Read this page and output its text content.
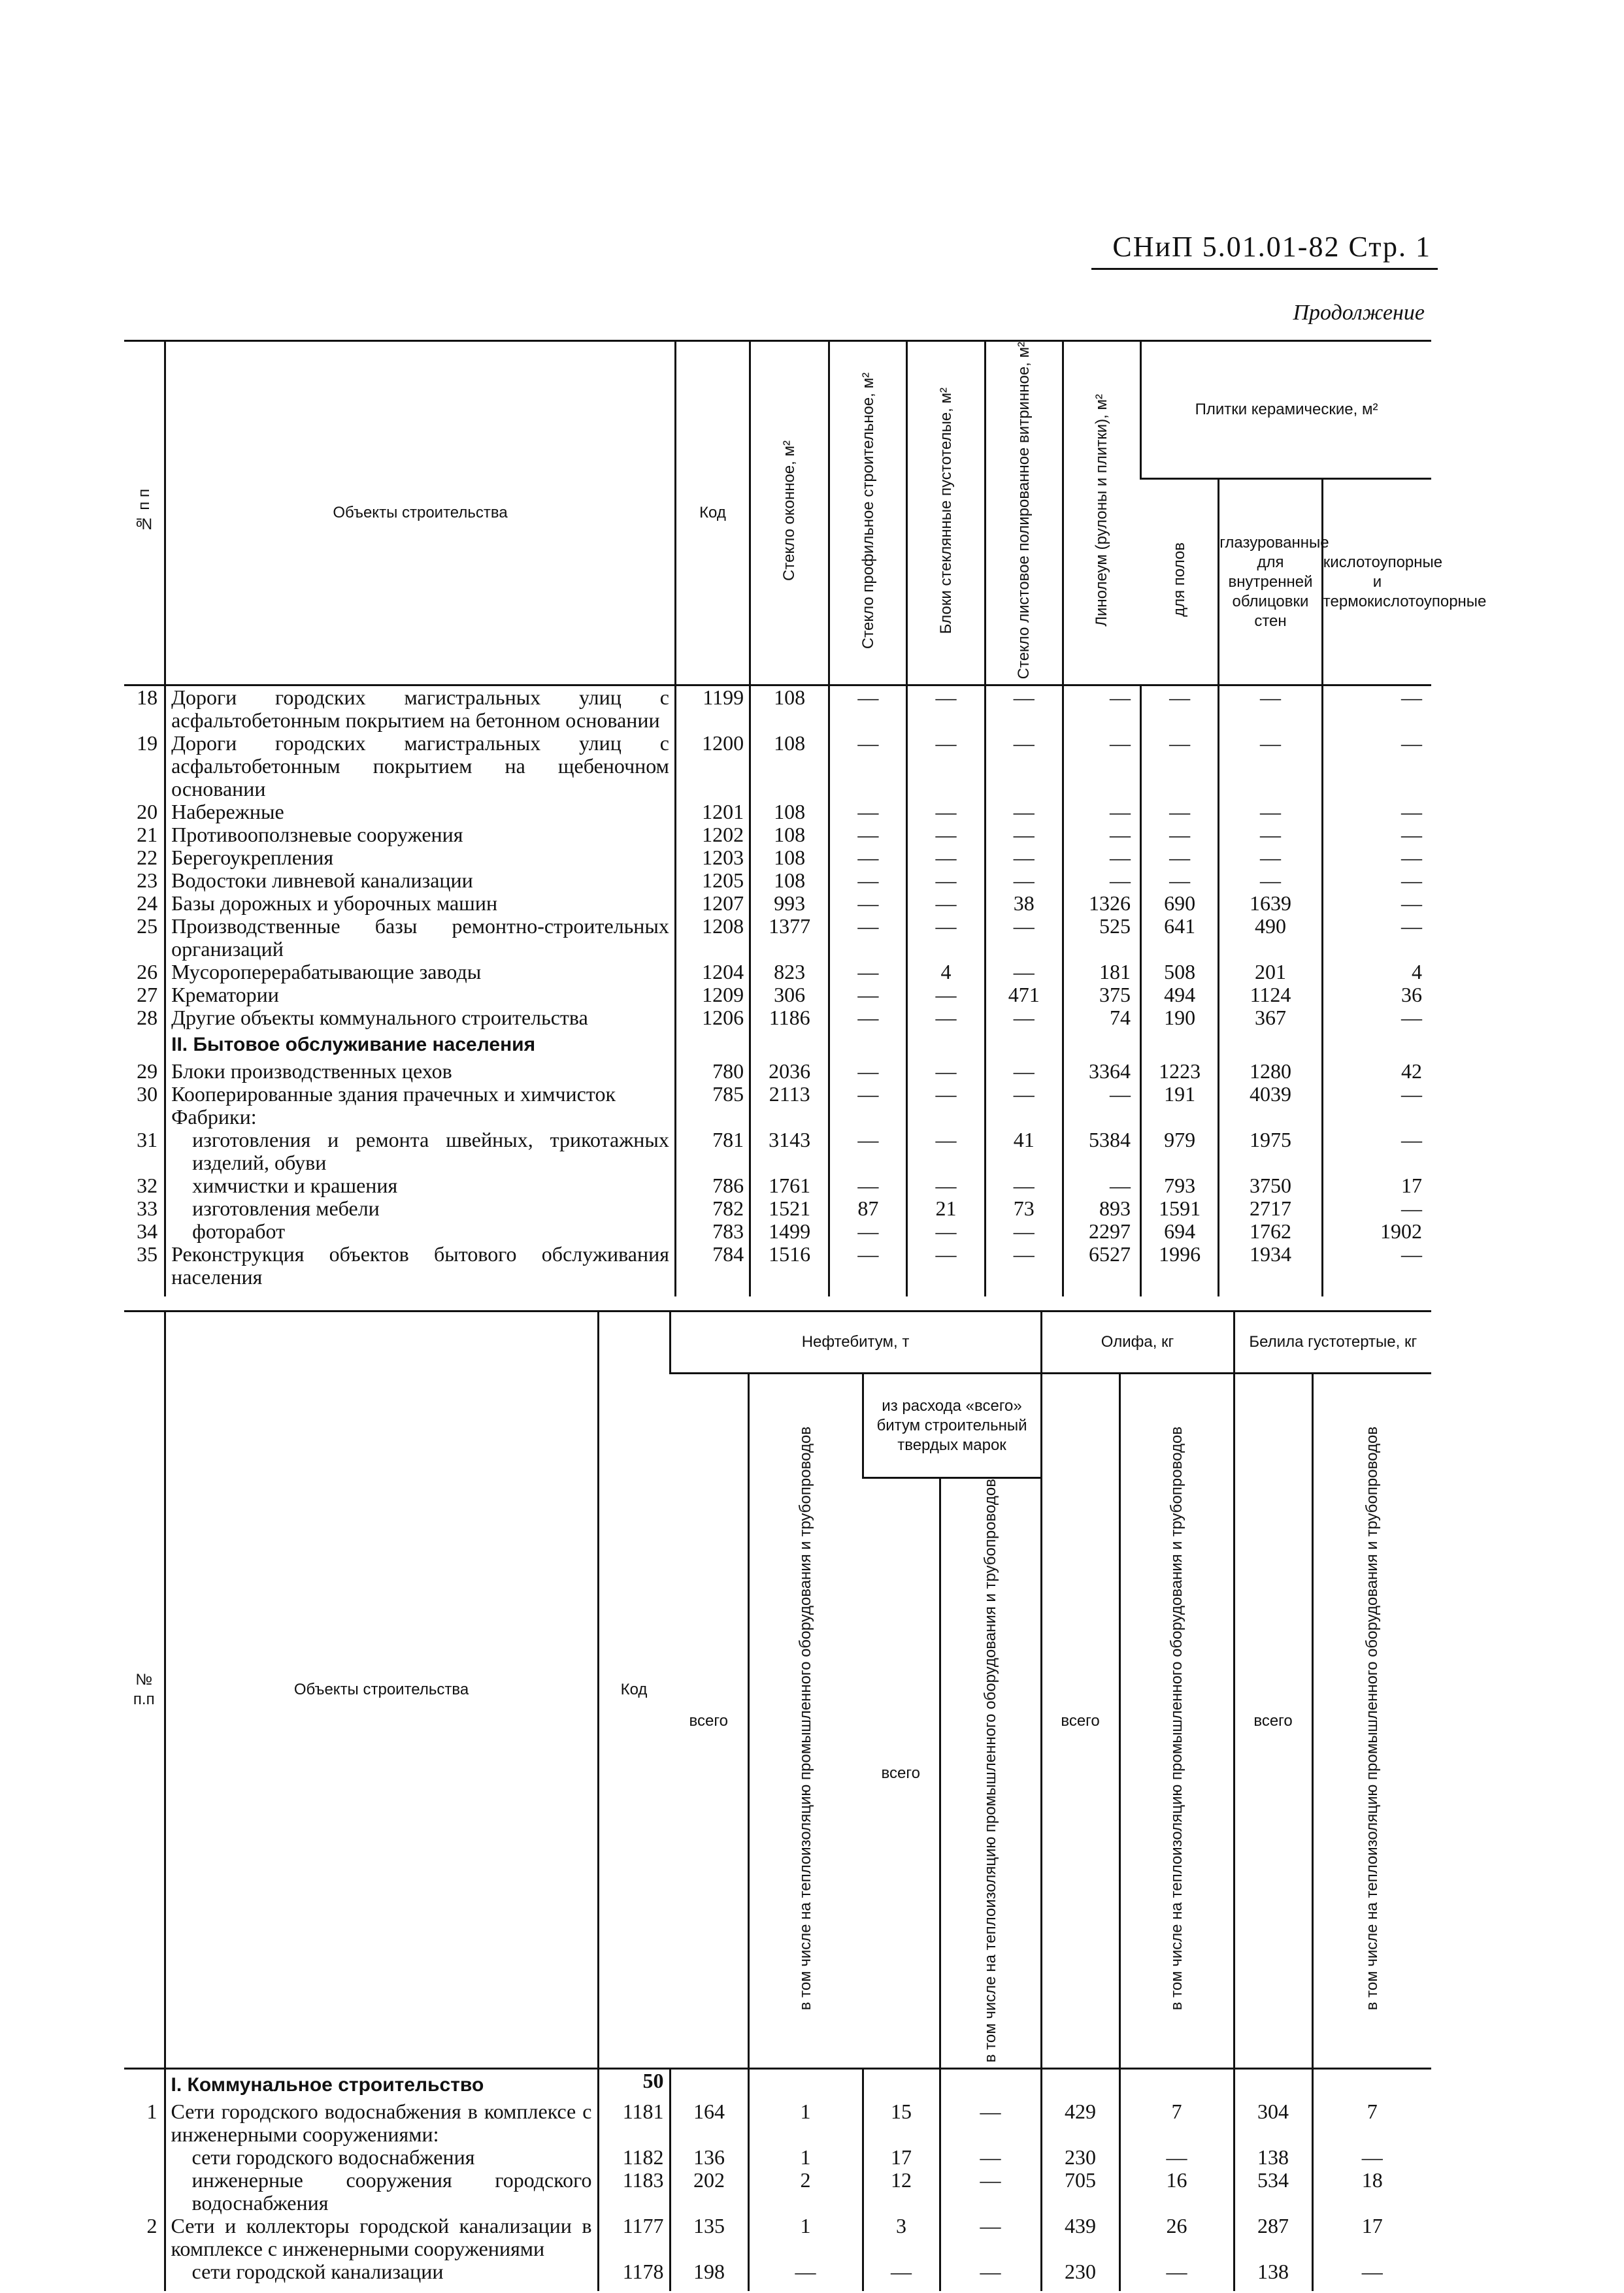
СНиП 5.01.01-82 Стр. 1
Продолжение
№ п п	Объекты строительства	Код	Стекло оконное, м²	Стекло профильное строительное, м²	Блоки стеклянные пустотелые, м²	Стекло листовое полированное витринное, м²	Линолеум (рулоны и плитки), м²	Плитки керамические, м²		
								для полов	глазурованные для внутренней облицовки стен	кислотоупорные и термокислотоупорные
18	Дороги городских магистральных улиц с асфальтобетонным покрытием на бетонном основании	1199	108	—	—	—	—	—	—	—
19	Дороги городских магистральных улиц с асфальтобетонным покрытием на щебеночном основании	1200	108	—	—	—	—	—	—	—
20	Набережные	1201	108	—	—	—	—	—	—	—
21	Противооползневые сооружения	1202	108	—	—	—	—	—	—	—
22	Берегоукрепления	1203	108	—	—	—	—	—	—	—
23	Водостоки ливневой канализации	1205	108	—	—	—	—	—	—	—
24	Базы дорожных и уборочных машин	1207	993	—	—	38	1326	690	1639	—
25	Производственные базы ремонтно-строительных организаций	1208	1377	—	—	—	525	641	490	—
26	Мусороперерабатывающие заводы	1204	823	—	4	—	181	508	201	4
27	Крематории	1209	306	—	—	471	375	494	1124	36
28	Другие объекты коммунального строительства	1206	1186	—	—	—	74	190	367	—
	II. Бытовое обслуживание населения									
29	Блоки производственных цехов	780	2036	—	—	—	3364	1223	1280	42
30	Кооперированные здания прачечных и химчисток	785	2113	—	—	—	—	191	4039	—
	Фабрики:									
31	изготовления и ремонта швейных, трикотажных изделий, обуви	781	3143	—	—	41	5384	979	1975	—
32	химчистки и крашения	786	1761	—	—	—	—	793	3750	17
33	изготовления мебели	782	1521	87	21	73	893	1591	2717	—
34	фоторабот	783	1499	—	—	—	2297	694	1762	1902
35	Реконструкция объектов бытового обслуживания населения	784	1516	—	—	—	6527	1996	1934	—
№ п.п	Объекты строительства	Код	Нефтебитум, т				Олифа, кг		Белила густотертые, кг	
			всего	в том числе на теплоизоляцию промышленного оборудования и трубопроводов	из расхода «всего» битум строительный твердых марок		всего	в том числе на теплоизоляцию промышленного оборудования и трубопроводов	всего	в том числе на теплоизоляцию промышленного оборудования и трубопроводов
					всего	в том числе на теплоизоляцию промышленного оборудования и трубопроводов				
	I. Коммунальное строительство	50								
1	Сети городского водоснабжения в комплексе с инженерными сооружениями:	1181	164	1	15	—	429	7	304	7
	сети городского водоснабжения	1182	136	1	17	—	230	—	138	—
	инженерные сооружения городского водоснабжения	1183	202	2	12	—	705	16	534	18
2	Сети и коллекторы городской канализации в комплексе с инженерными сооружениями	1177	135	1	3	—	439	26	287	17
	сети городской канализации	1178	198	—	—	—	230	—	138	—
